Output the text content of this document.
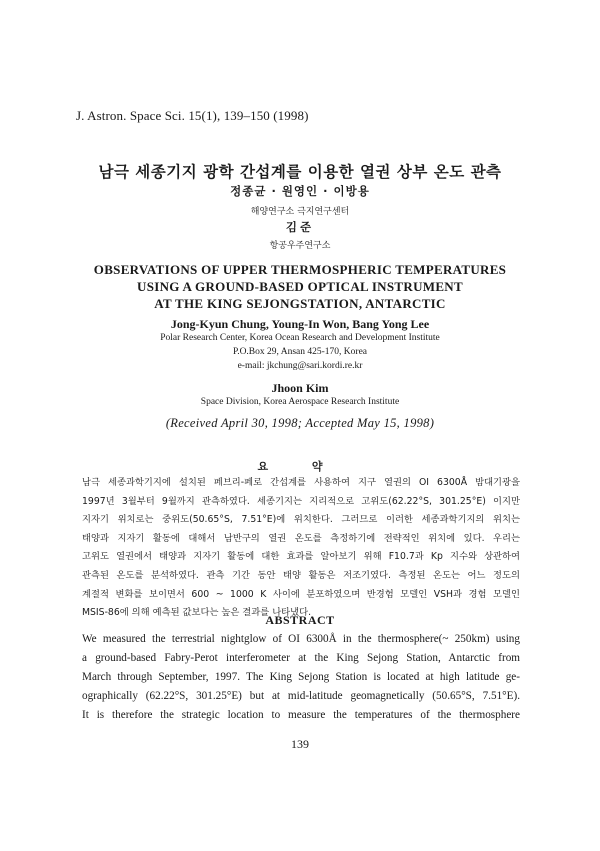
J. Astron. Space Sci. 15(1), 139–150 (1998)
남극 세종기지 광학 간섭계를 이용한 열권 상부 온도 관측
정종균 · 원영인 · 이방용
해양연구소 극지연구센터
김준
항공우주연구소
OBSERVATIONS OF UPPER THERMOSPHERIC TEMPERATURES
USING A GROUND-BASED OPTICAL INSTRUMENT
AT THE KING SEJONGSTATION, ANTARCTIC
Jong-Kyun Chung, Young-In Won, Bang Yong Lee
Polar Research Center, Korea Ocean Research and Development Institute
P.O.Box 29, Ansan 425-170, Korea
e-mail: jkchung@sari.kordi.re.kr
Jhoon Kim
Space Division, Korea Aerospace Research Institute
(Received April 30, 1998; Accepted May 15, 1998)
요 약
남극 세종과학기지에 설치된 페브리-페로 간섭계를 사용하여 지구 열권의 OI 6300Å 밤대기광을
1997년 3월부터 9월까지 관측하였다. 세종기지는 지리적으로 고위도(62.22°S, 301.25°E) 이지만
지자기 위치로는 중위도(50.65°S, 7.51°E)에 위치한다. 그러므로 이러한 세종과학기지의 위치는
태양과 지자기 활동에 대해서 남반구의 열권 온도를 측정하기에 전략적인 위치에 있다. 우리는
고위도 열권에서 태양과 지자기 활동에 대한 효과를 알아보기 위해 F10.7과 Kp 지수와 상관하여
관측된 온도를 분석하였다. 관측 기간 동안 태양 활동은 저조기였다. 측정된 온도는 어느 정도의
계절적 변화를 보이면서 600 ~ 1000 K 사이에 분포하였으며 반경험 모델인 VSH과 경험 모델인
MSIS-86에 의해 예측된 값보다는 높은 결과를 나타냈다.
ABSTRACT
We measured the terrestrial nightglow of OI 6300Å in the thermosphere(~ 250km) using
a ground-based Fabry-Perot interferometer at the King Sejong Station, Antarctic from
March through September, 1997. The King Sejong Station is located at high latitude ge-
ographically (62.22°S, 301.25°E) but at mid-latitude geomagnetically (50.65°S, 7.51°E).
It is therefore the strategic location to measure the temperatures of the thermosphere
139
